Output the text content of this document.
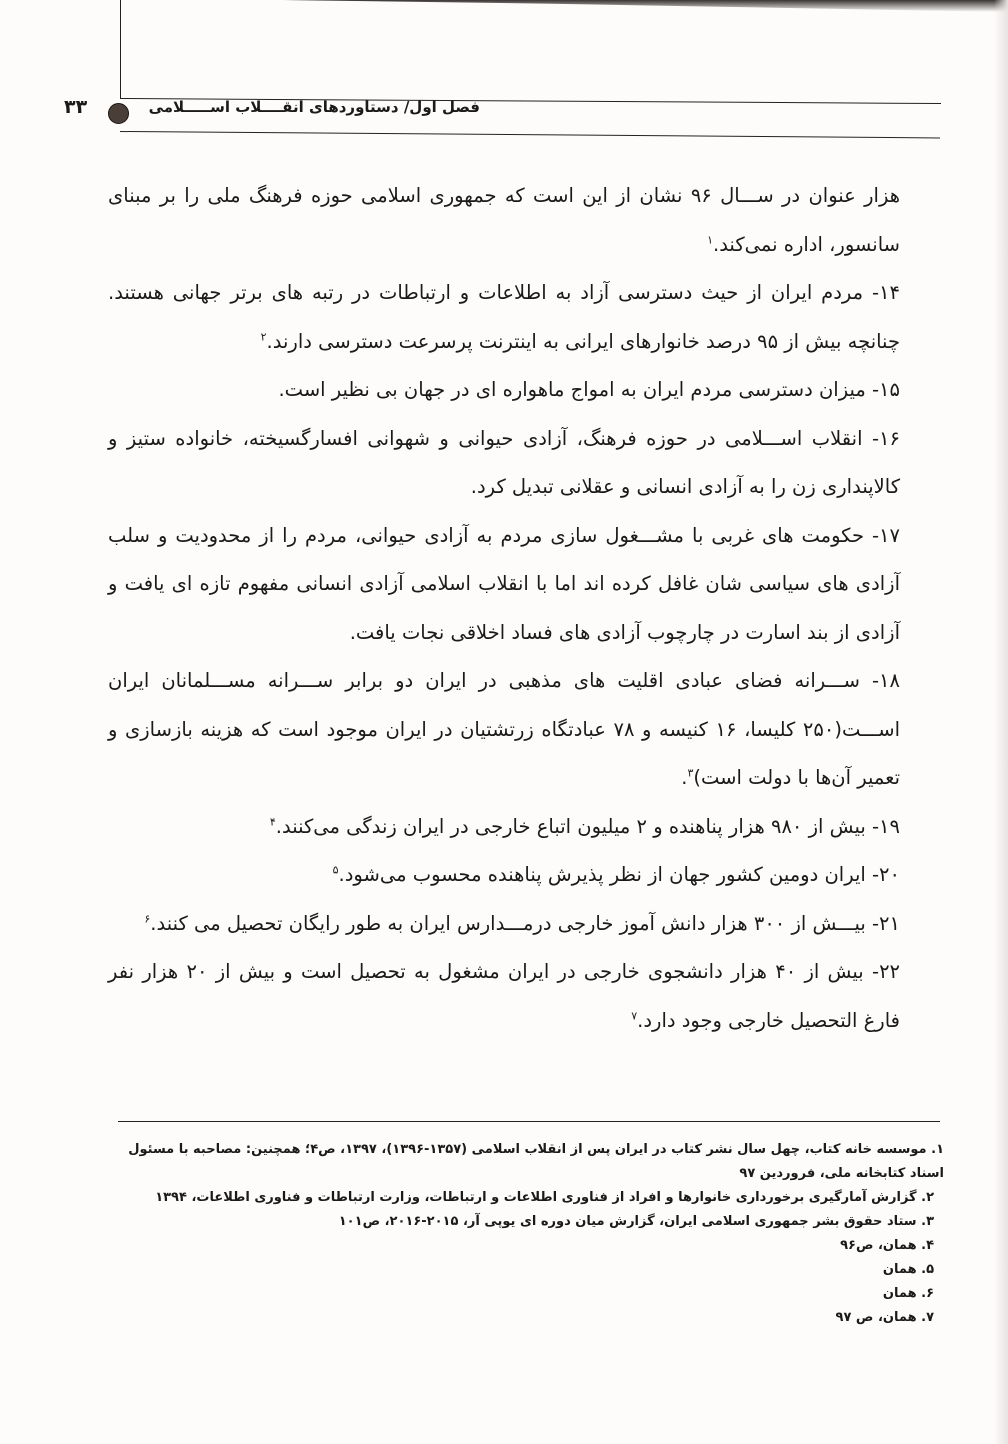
فصل اول/ دستاوردهای انقــــلاب اســـــلامی
۳۳

هزار عنوان در ســـال ۹۶ نشان از این است که جمهوری اسلامی حوزه فرهنگ ملی را بر مبنای سانسور، اداره نمی‌کند.$^۱$

۱۴- مردم ایران از حیث دسترسی آزاد به اطلاعات و ارتباطات در رتبه های برتر جهانی هستند. چنانچه بیش از ۹۵ درصد خانوارهای ایرانی به اینترنت پرسرعت دسترسی دارند.$^۲$

۱۵- میزان دسترسی مردم ایران به امواج ماهواره ای در جهان بی نظیر است.

۱۶- انقلاب اســـلامی در حوزه فرهنگ، آزادی حیوانی و شهوانی افسارگسیخته، خانواده ستیز و کالاپنداری زن را به آزادی انسانی و عقلانی تبدیل کرد.

۱۷- حکومت های غربی با مشـــغول سازی مردم به آزادی حیوانی، مردم را از محدودیت و سلب آزادی های سیاسی شان غافل کرده اند اما با انقلاب اسلامی آزادی انسانی مفهوم تازه ای یافت و آزادی از بند اسارت در چارچوب آزادی های فساد اخلاقی نجات یافت.

۱۸- ســـرانه فضای عبادی اقلیت های مذهبی در ایران دو برابر ســـرانه مســـلمانان ایران اســـت(۲۵۰ کلیسا، ۱۶ کنیسه و ۷۸ عبادتگاه زرتشتیان در ایران موجود است که هزینه بازسازی و تعمیر آن‌ها با دولت است)$^۳$.

۱۹- بیش از ۹۸۰ هزار پناهنده و ۲ میلیون اتباع خارجی در ایران زندگی می‌کنند.$^۴$

۲۰- ایران دومین کشور جهان از نظر پذیرش پناهنده محسوب می‌شود.$^۵$

۲۱- بیـــش از ۳۰۰ هزار دانش آموز خارجی درمـــدارس ایران به طور رایگان تحصیل می کنند.$^۶$

۲۲- بیش از ۴۰ هزار دانشجوی خارجی در ایران مشغول به تحصیل است و بیش از ۲۰ هزار نفر فارغ التحصیل خارجی وجود دارد.$^۷$

۱. موسسه خانه کتاب، چهل سال نشر کتاب در ایران پس از انقلاب اسلامی (۱۳۵۷-۱۳۹۶)، ۱۳۹۷، ص۴؛ همچنین: مصاحبه با مسئول اسناد کتابخانه ملی، فروردین ۹۷

۲. گزارش آمارگیری برخورداری خانوارها و افراد از فناوری اطلاعات و ارتباطات، وزارت ارتباطات و فناوری اطلاعات، ۱۳۹۴

۳. ستاد حقوق بشر جمهوری اسلامی ایران، گزارش میان دوره ای یوپی آر، ۲۰۱۵-۲۰۱۶، ص۱۰۱

۴. همان، ص۹۶

۵. همان

۶. همان

۷. همان، ص ۹۷
